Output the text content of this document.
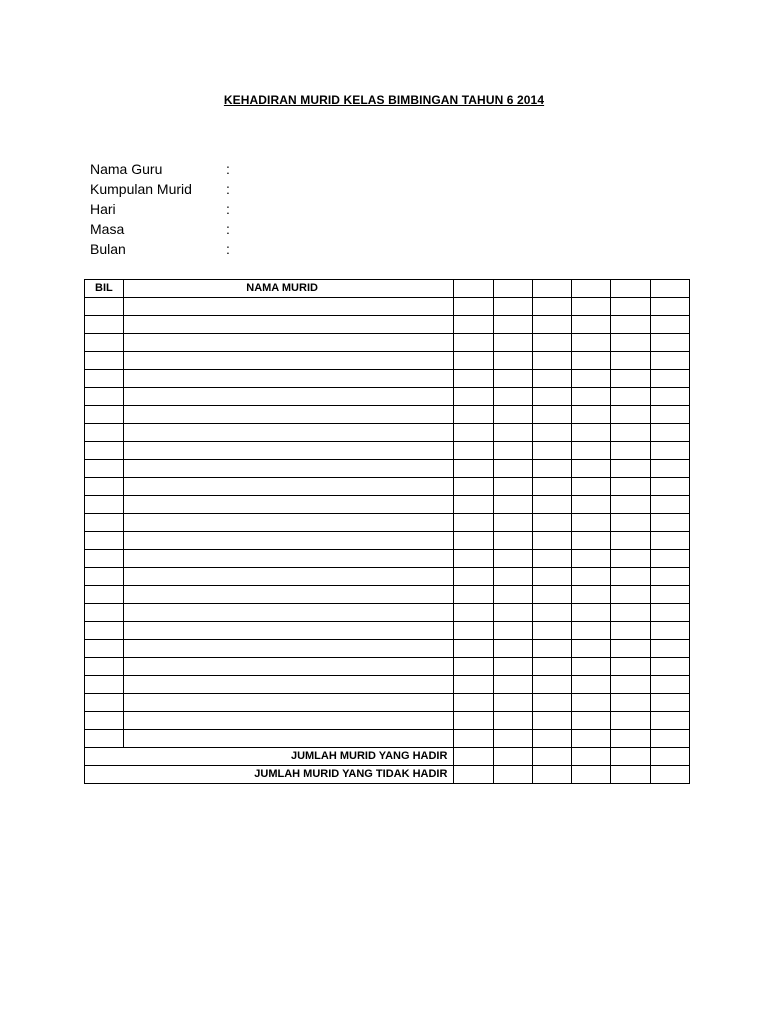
KEHADIRAN MURID KELAS BIMBINGAN TAHUN 6 2014
Nama Guru	:
Kumpulan Murid :
Hari	:
Masa	:
Bulan	:
BIL	NAMA MURID						

JUMLAH MURID YANG HADIR							
JUMLAH MURID YANG TIDAK HADIR							
